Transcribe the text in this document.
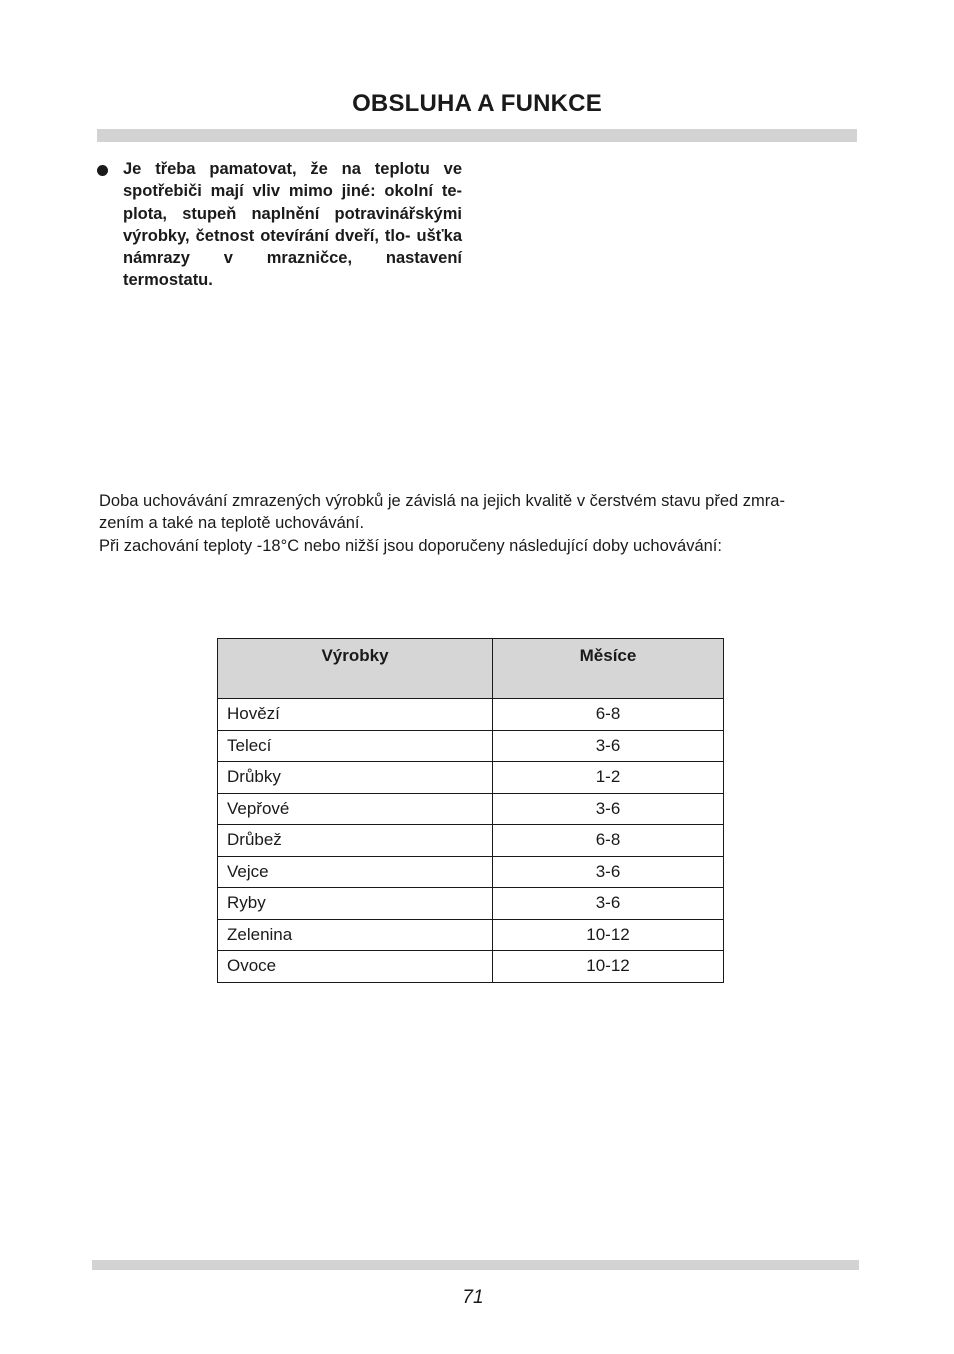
OBSLUHA A FUNKCE
Je třeba pamatovat, že na teplotu ve spotřebiči mají vliv mimo jiné: okolní te- plota, stupeň naplnění potravinářskými výrobky, četnost otevírání dveří, tlo- ušťka námrazy v mrazničce, nastavení termostatu.

Doba uchovávání zmrazených výrobků je závislá na jejich kvalitě v čerstvém stavu před zmra-

zením a také na teplotě uchovávání.

Při zachování teploty -18°C nebo nižší jsou doporučeny následující doby uchovávání:

Výrobky	Měsíce
Hovězí	6-8
Telecí	3-6
Drůbky	1-2
Vepřové	3-6
Drůbež	6-8
Vejce	3-6
Ryby	3-6
Zelenina	10-12
Ovoce	10-12
71
